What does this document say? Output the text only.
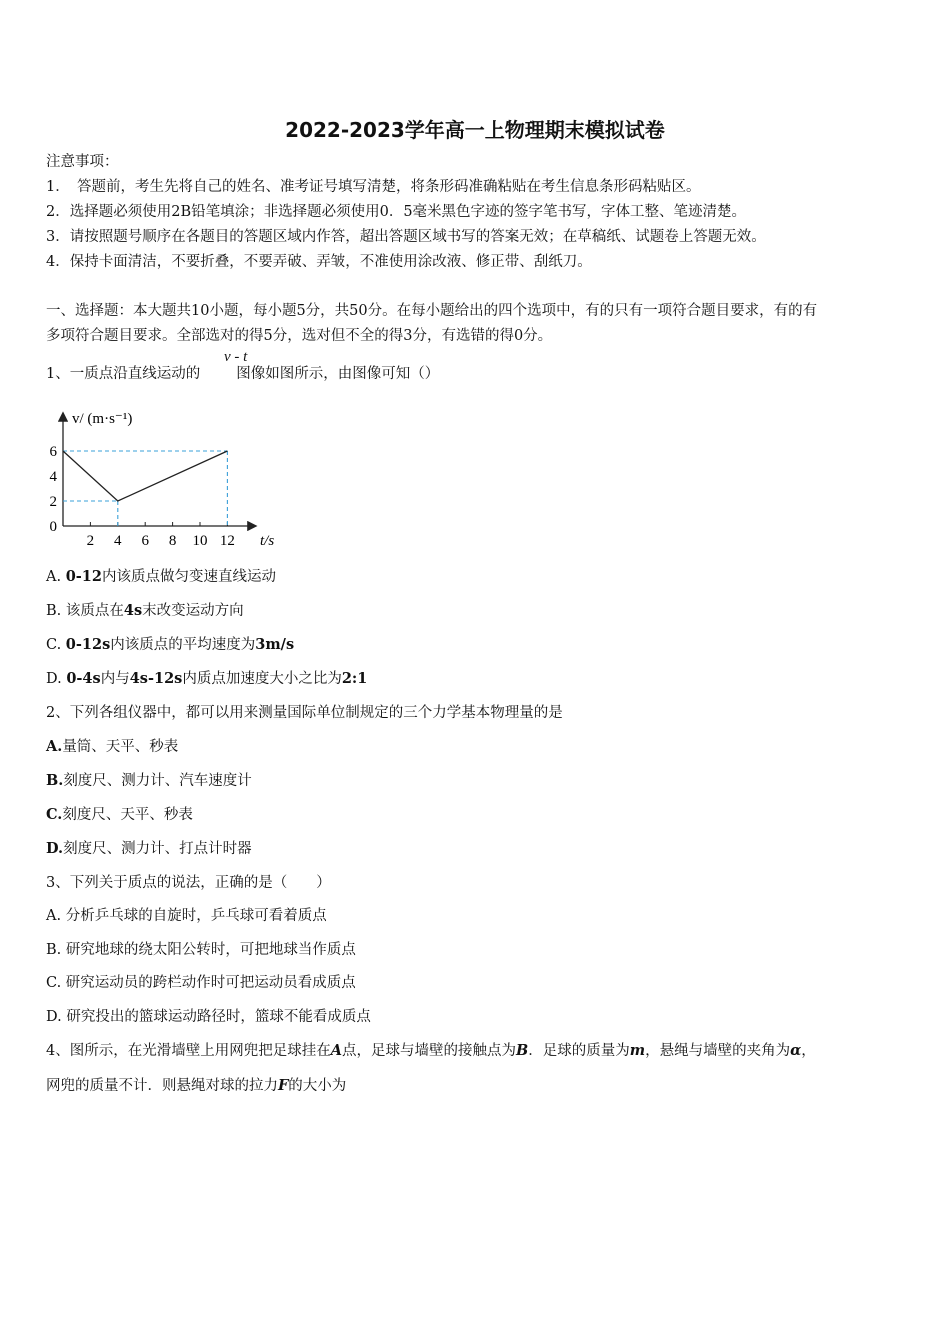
2022-2023学年高一上物理期末模拟试卷
注意事项：
1．　答题前，考生先将自己的姓名、准考证号填写清楚，将条形码准确粘贴在考生信息条形码粘贴区。
2．选择题必须使用2B铅笔填涂；非选择题必须使用0．5毫米黑色字迹的签字笔书写，字体工整、笔迹清楚。
3．请按照题号顺序在各题目的答题区域内作答，超出答题区域书写的答案无效；在草稿纸、试题卷上答题无效。
4．保持卡面清洁，不要折叠，不要弄破、弄皱，不准使用涂改液、修正带、刮纸刀。
一、选择题：本大题共10小题，每小题5分，共50分。在每小题给出的四个选项中，有的只有一项符合题目要求，有的有
多项符合题目要求。全部选对的得5分，选对但不全的得3分，有选错的得0分。
1、一质点沿直线运动的 图像如图所示，由图像可知（）
v - t
2 4 6 8 10 12
0
2
4
6
v/ (m·s⁻¹)
t/s
A. 0-12内该质点做匀变速直线运动
B. 该质点在4s末改变运动方向
C. 0-12s内该质点的平均速度为3m/s
D. 0-4s内与4s-12s内质点加速度大小之比为2:1
2、下列各组仪器中，都可以用来测量国际单位制规定的三个力学基本物理量的是
A.量筒、天平、秒表
B.刻度尺、测力计、汽车速度计
C.刻度尺、天平、秒表
D.刻度尺、测力计、打点计时器
3、下列关于质点的说法，正确的是（　　）
A. 分析乒乓球的自旋时，乒乓球可看着质点
B. 研究地球的绕太阳公转时，可把地球当作质点
C. 研究运动员的跨栏动作时可把运动员看成质点
D. 研究投出的篮球运动路径时，篮球不能看成质点
4、图所示，在光滑墙壁上用网兜把足球挂在A点，足球与墙壁的接触点为B．足球的质量为m，悬绳与墙壁的夹角为α，
网兜的质量不计．则悬绳对球的拉力F的大小为
